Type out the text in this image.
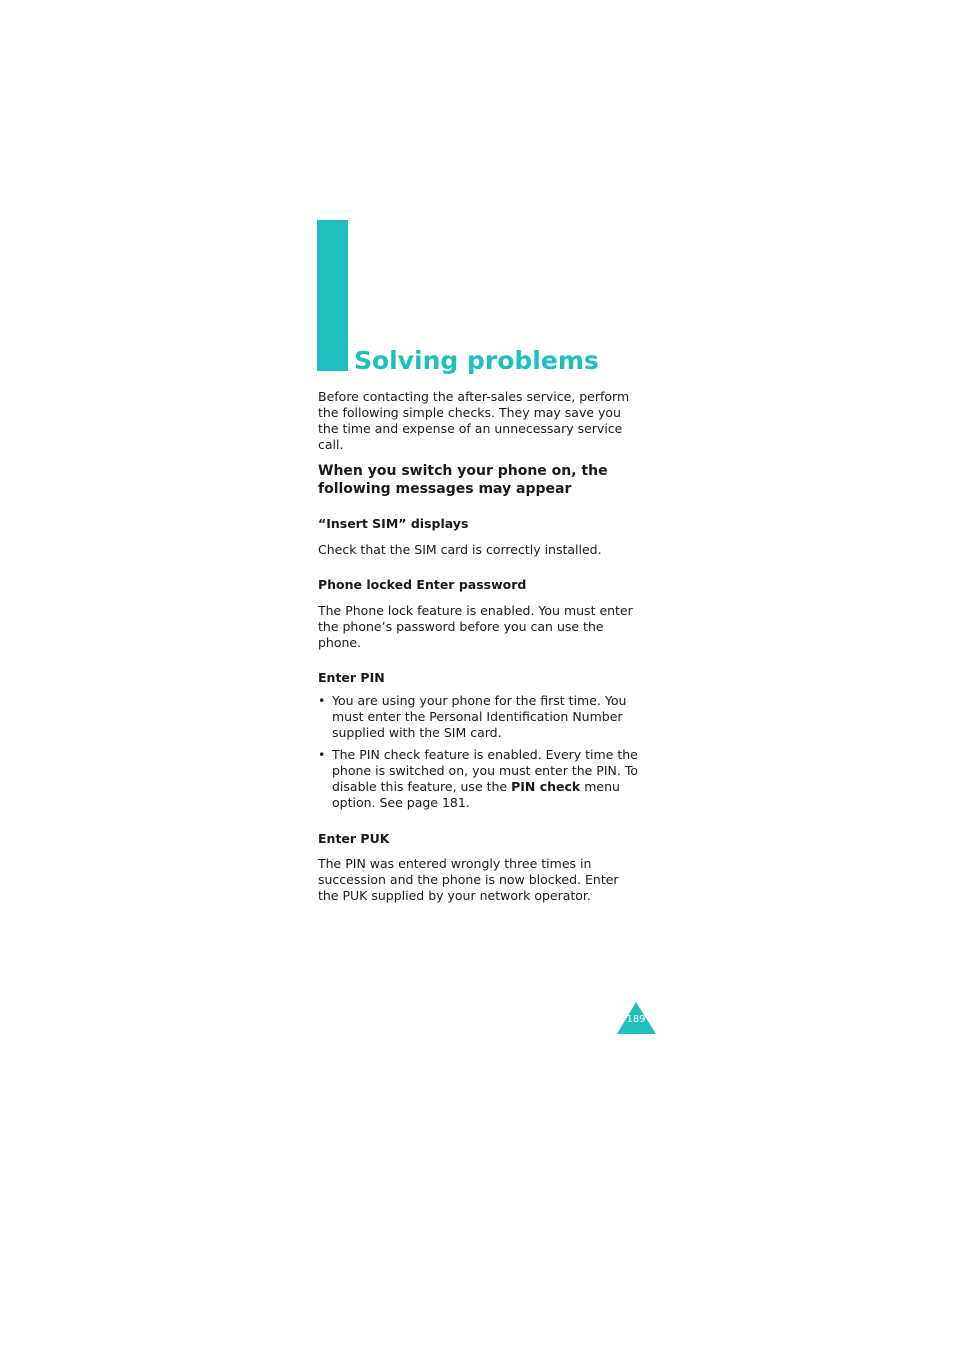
Solving problems

Before contacting the after-sales service, perform the following simple checks. They may save you the time and expense of an unnecessary service call.

When you switch your phone on, the following messages may appear
“Insert SIM” displays

Check that the SIM card is correctly installed.

Phone locked Enter password

The Phone lock feature is enabled. You must enter the phone’s password before you can use the phone.

Enter PIN
• You are using your phone for the first time. You must enter the Personal Identification Number supplied with the SIM card.
• The PIN check feature is enabled. Every time the phone is switched on, you must enter the PIN. To disable this feature, use the PIN check menu option. See page 181.
Enter PUK

The PIN was entered wrongly three times in succession and the phone is now blocked. Enter the PUK supplied by your network operator.

189
